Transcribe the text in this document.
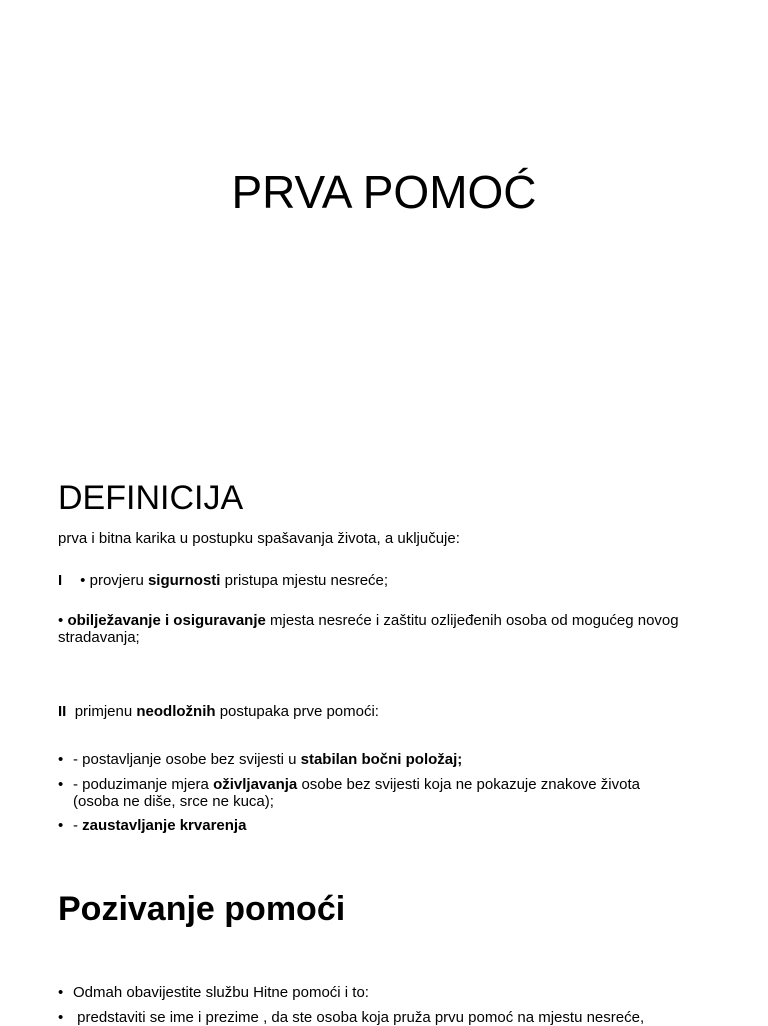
PRVA POMOĆ
DEFINICIJA
prva i bitna karika u postupku spašavanja života, a uključuje:
I • provjeru sigurnosti pristupa mjestu nesreće;
• obilježavanje i osiguravanje mjesta nesreće i zaštitu ozlijeđenih osoba od mogućeg novog stradavanja;
II primjenu neodložnih postupaka prve pomoći:
• - postavljanje osobe bez svijesti u stabilan bočni položaj;
• - poduzimanje mjera oživljavanja osobe bez svijesti koja ne pokazuje znakove života (osoba ne diše, srce ne kuca);
• - zaustavljanje krvarenja
Pozivanje pomoći
• Odmah obavijestite službu Hitne pomoći i to:
• predstaviti se ime i prezime , da ste osoba koja pruža prvu pomoć na mjestu nesreće,
